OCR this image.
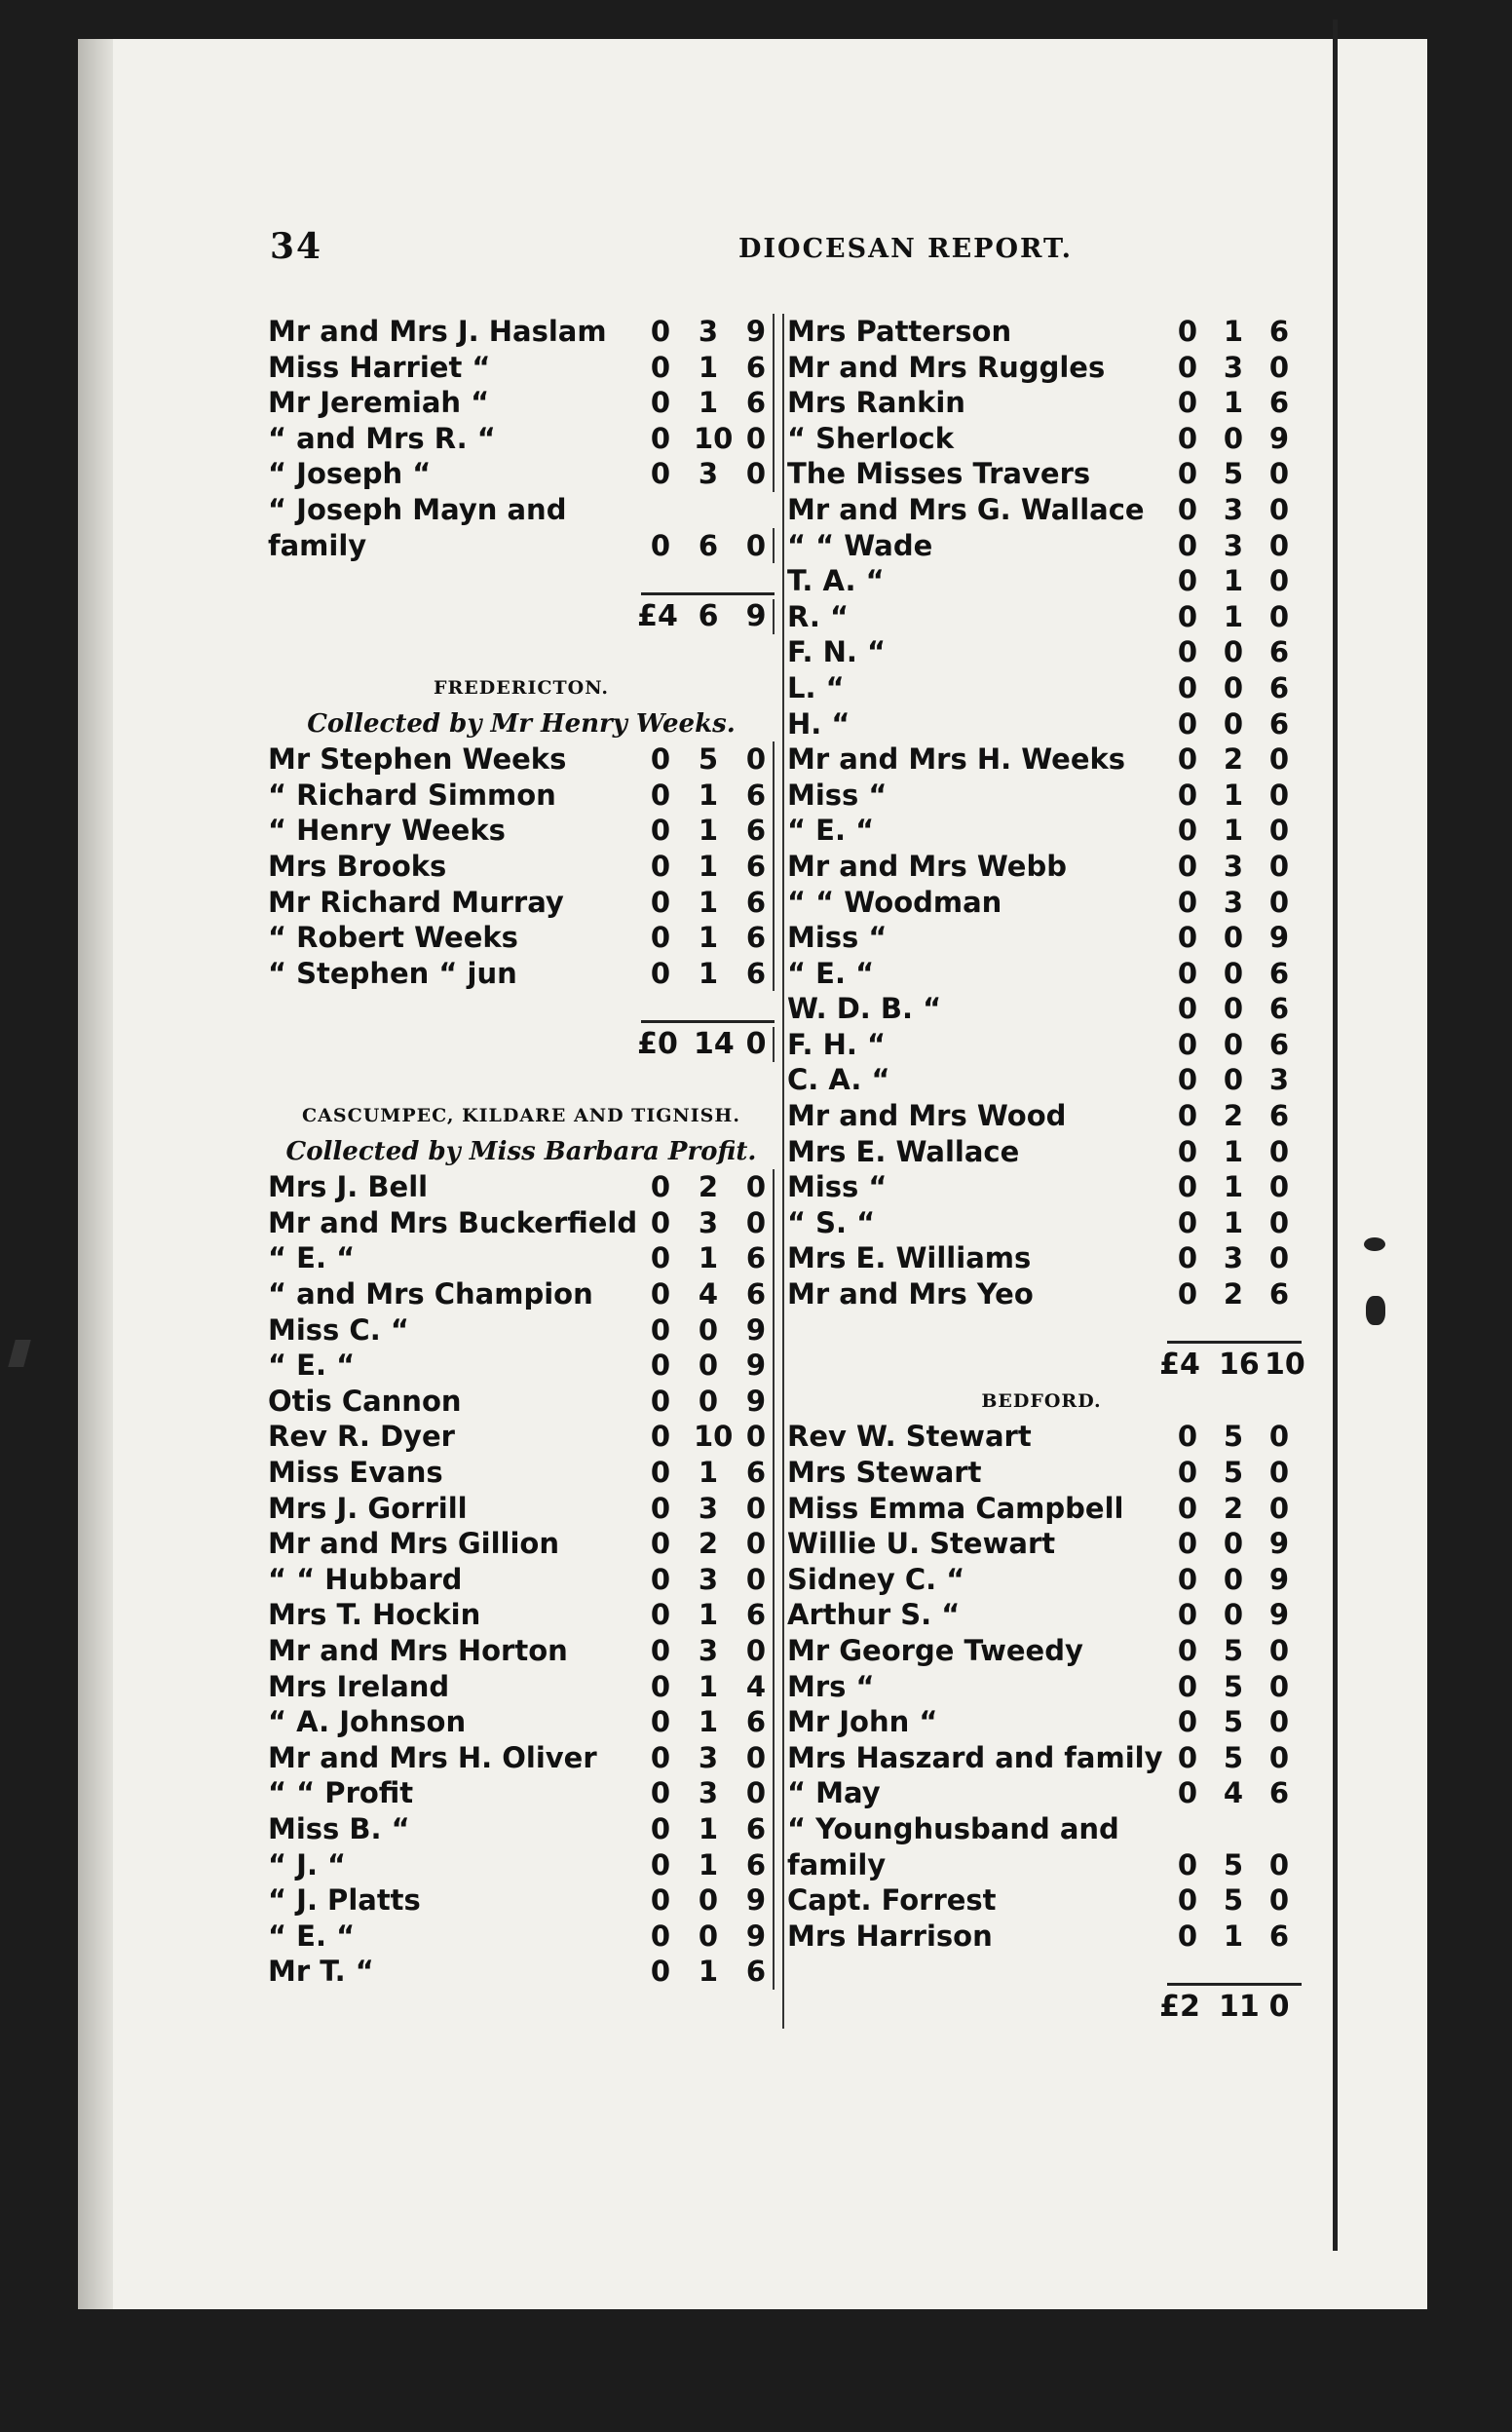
34	DIOCESAN REPORT.
Mr and Mrs J. Haslam 0 3 9
Miss Harriet “	0 1 6
Mr Jeremiah “	0 1 6
“ and Mrs R. “	0 10 0
“ Joseph “	0 3 0
“ Joseph Mayn and
family	0 6 0
£4 6 9
FREDERICTON.
Collected by Mr Henry Weeks.
Mr Stephen Weeks	0 5 0
“ Richard Simmon	0 1 6
“ Henry Weeks	0 1 6
Mrs Brooks	0 1 6
Mr Richard Murray	0 1 6
“ Robert Weeks	0 1 6
“ Stephen “ jun	0 1 6
£0 14 0
CASCUMPEC, KILDARE AND TIGNISH.
Collected by Miss Barbara Profit.
Mrs J. Bell	0 2 0
Mr and Mrs Buckerfield 0 3 0
“ E. “	0 1 6
“ and Mrs Champion 0 4 6
Miss C. “	0 0 9
“ E. “	0 0 9
Otis Cannon	0 0 9
Rev R. Dyer	0 10 0
Miss Evans	0 1 6
Mrs J. Gorrill	0 3 0
Mr and Mrs Gillion	0 2 0
“ “ Hubbard	0 3 0
Mrs T. Hockin	0 1 6
Mr and Mrs Horton	0 3 0
Mrs Ireland	0 1 4
“ A. Johnson	0 1 6
Mr and Mrs H. Oliver 0 3 0
“ “ Profit	0 3 0
Miss B. “	0 1 6
“ J. “	0 1 6
“ J. Platts	0 0 9
“ E. “	0 0 9
Mr T. “	0 1 6
Mrs Patterson	0 1 6
Mr and Mrs Ruggles	0 3 0
Mrs Rankin	0 1 6
“ Sherlock	0 0 9
The Misses Travers	0 5 0
Mr and Mrs G. Wallace 0 3 0
“ “ Wade	0 3 0
T. A. “	0 1 0
R. “	0 1 0
F. N. “	0 0 6
L. “	0 0 6
H. “	0 0 6
Mr and Mrs H. Weeks 0 2 0
Miss “	0 1 0
“ E. “	0 1 0
Mr and Mrs Webb	0 3 0
“ “ Woodman	0 3 0
Miss “	0 0 9
“ E. “	0 0 6
W. D. B. “	0 0 6
F. H. “	0 0 6
C. A. “	0 0 3
Mr and Mrs Wood	0 2 6
Mrs E. Wallace	0 1 0
Miss “	0 1 0
“ S. “	0 1 0
Mrs E. Williams	0 3 0
Mr and Mrs Yeo	0 2 6
£4 16 10
BEDFORD.
Rev W. Stewart	0 5 0
Mrs Stewart	0 5 0
Miss Emma Campbell 0 2 0
Willie U. Stewart	0 0 9
Sidney C. “	0 0 9
Arthur S. “	0 0 9
Mr George Tweedy	0 5 0
Mrs “	0 5 0
Mr John “	0 5 0
Mrs Haszard and family 0 5 0
“ May	0 4 6
“ Younghusband and
family	0 5 0
Capt. Forrest	0 5 0
Mrs Harrison	0 1 6
£2 11 0
